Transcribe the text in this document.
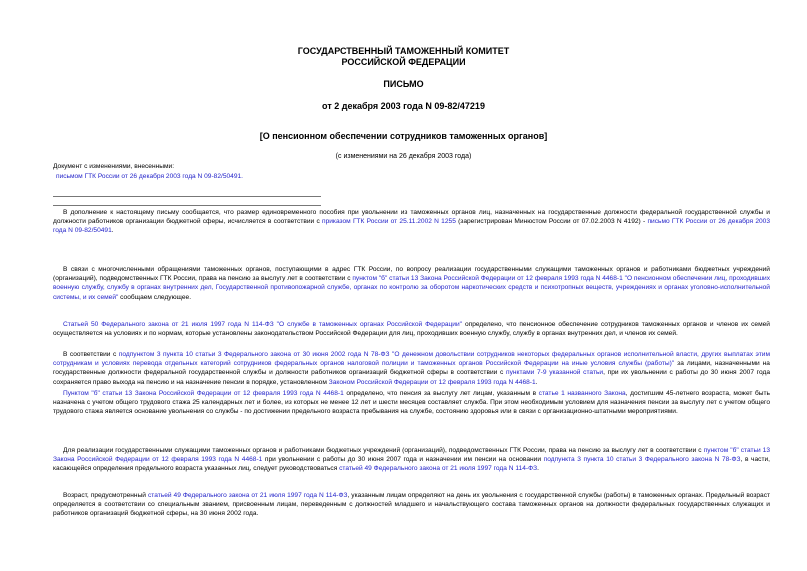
ГОСУДАРСТВЕННЫЙ ТАМОЖЕННЫЙ КОМИТЕТ
РОССИЙСКОЙ ФЕДЕРАЦИИ
ПИСЬМО
от 2 декабря 2003 года N 09-82/47219
[О пенсионном обеспечении сотрудников таможенных органов]
(с изменениями на 26 декабря 2003 года)
Документ с изменениями, внесенными:
письмом ГТК России от 26 декабря 2003 года N 09-82/50491.
В дополнение к настоящему письму сообщается, что размер единовременного пособия при увольнении из таможенных органов лиц, назначенных на государственные должности федеральной государственной службы и должности работников организации бюджетной сферы, исчисляется в соответствии с приказом ГТК России от 25.11.2002 N 1255 (зарегистрирован Минюстом России от 07.02.2003 N 4192) - письмо ГТК России от 26 декабря 2003 года N 09-82/50491.
В связи с многочисленными обращениями таможенных органов, поступающими в адрес ГТК России, по вопросу реализации государственными служащими таможенных органов и работниками бюджетных учреждений (организаций), подведомственных ГТК России, права на пенсию за выслугу лет в соответствии с пунктом "б" статьи 13 Закона Российской Федерации от 12 февраля 1993 года N 4468-1 "О пенсионном обеспечении лиц, проходивших военную службу, службу в органах внутренних дел, Государственной противопожарной службе, органах по контролю за оборотом наркотических средств и психотропных веществ, учреждениях и органах уголовно-исполнительной системы, и их семей" сообщаем следующее.
Статьей 50 Федерального закона от 21 июля 1997 года N 114-ФЗ "О службе в таможенных органах Российской Федерации" определено, что пенсионное обеспечение сотрудников таможенных органов и членов их семей осуществляется на условиях и по нормам, которые установлены законодательством Российской Федерации для лиц, проходивших военную службу, службу в органах внутренних дел, и членов их семей.
В соответствии с подпунктом 3 пункта 10 статьи 3 Федерального закона от 30 июня 2002 года N 78-ФЗ "О денежном довольствии сотрудников некоторых федеральных органов исполнительной власти, других выплатах этим сотрудникам и условиях перевода отдельных категорий сотрудников федеральных органов налоговой полиции и таможенных органов Российской Федерации на иные условия службы (работы)" за лицами, назначенными на государственные должности федеральной государственной службы и должности работников организаций бюджетной сферы в соответствии с пунктами 7-9 указанной статьи, при их увольнении с работы до 30 июня 2007 года сохраняется право выхода на пенсию и на назначение пенсии в порядке, установленном Законом Российской Федерации от 12 февраля 1993 года N 4468-1.
Пунктом "б" статьи 13 Закона Российской Федерации от 12 февраля 1993 года N 4468-1 определено, что пенсия за выслугу лет лицам, указанным в статье 1 названного Закона, достигшим 45-летнего возраста, может быть назначена с учетом общего трудового стажа 25 календарных лет и более, из которых не менее 12 лет и шести месяцев составляет служба. При этом необходимым условием для назначения пенсии за выслугу лет с учетом общего трудового стажа является основание увольнения со службы - по достижении предельного возраста пребывания на службе, состоянию здоровья или в связи с организационно-штатными мероприятиями.
Для реализации государственными служащими таможенных органов и работниками бюджетных учреждений (организаций), подведомственных ГТК России, права на пенсию за выслугу лет в соответствии с пунктом "б" статьи 13 Закона Российской Федерации от 12 февраля 1993 года N 4468-1 при увольнении с работы до 30 июня 2007 года и назначении им пенсии на основании подпункта 3 пункта 10 статьи 3 Федерального закона N 78-ФЗ, в части, касающейся определения предельного возраста указанных лиц, следует руководствоваться статьей 49 Федерального закона от 21 июля 1997 года N 114-ФЗ.
Возраст, предусмотренный статьей 49 Федерального закона от 21 июля 1997 года N 114-ФЗ, указанным лицам определяют на день их увольнения с государственной службы (работы) в таможенных органах. Предельный возраст определяется в соответствии со специальным званием, присвоенным лицам, переведенным с должностей младшего и начальствующего состава таможенных органов на должности федеральных государственных служащих и работников организаций бюджетной сферы, на 30 июня 2002 года.
